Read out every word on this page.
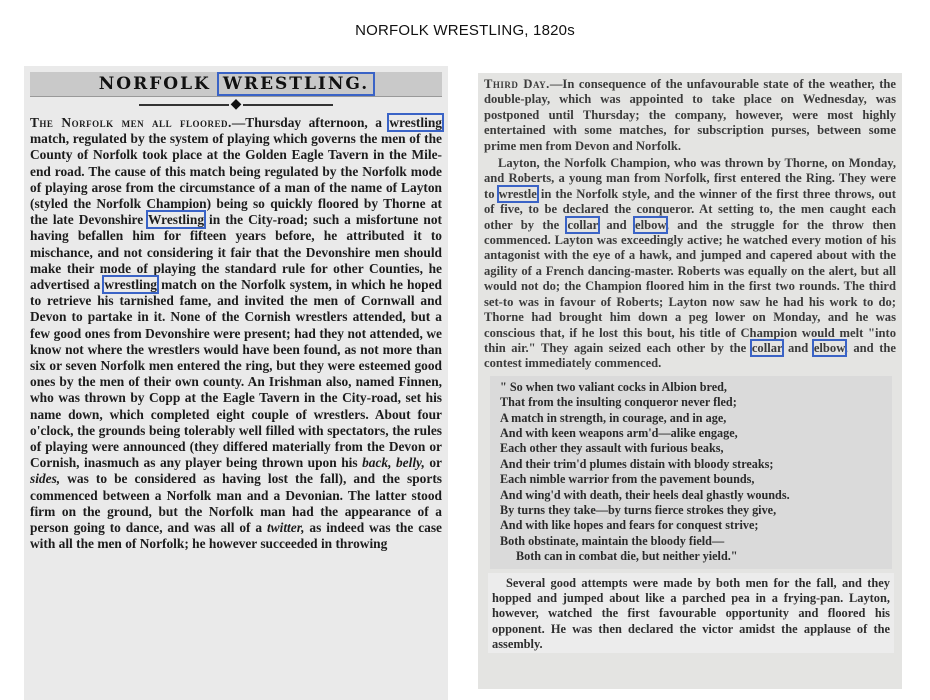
NORFOLK WRESTLING, 1820s
NORFOLK WRESTLING.
◆
The Norfolk men all floored.—Thursday afternoon, a wrestling match, regulated by the system of playing which governs the men of the County of Norfolk took place at the Golden Eagle Tavern in the Mile-end road. The cause of this match being regulated by the Norfolk mode of playing arose from the circumstance of a man of the name of Layton (styled the Norfolk Champion) being so quickly floored by Thorne at the late Devonshire Wrestling in the City-road; such a misfortune not having befallen him for fifteen years before, he attributed it to mischance, and not considering it fair that the Devonshire men should make their mode of playing the standard rule for other Counties, he advertised a wrestling match on the Norfolk system, in which he hoped to retrieve his tarnished fame, and invited the men of Cornwall and Devon to partake in it. None of the Cornish wrestlers attended, but a few good ones from Devonshire were present; had they not attended, we know not where the wrestlers would have been found, as not more than six or seven Norfolk men entered the ring, but they were esteemed good ones by the men of their own county. An Irishman also, named Finnen, who was thrown by Copp at the Eagle Tavern in the City-road, set his name down, which completed eight couple of wrestlers. About four o'clock, the grounds being tolerably well filled with spectators, the rules of playing were announced (they differed materially from the Devon or Cornish, inasmuch as any player being thrown upon his back, belly, or sides, was to be considered as having lost the fall), and the sports commenced between a Norfolk man and a Devonian. The latter stood firm on the ground, but the Norfolk man had the appearance of a person going to dance, and was all of a twitter, as indeed was the case with all the men of Norfolk; he however succeeded in throwing
Third Day.—In consequence of the unfavourable state of the weather, the double-play, which was appointed to take place on Wednesday, was postponed until Thursday; the company, however, were most highly entertained with some matches, for subscription purses, between some prime men from Devon and Norfolk.
Layton, the Norfolk Champion, who was thrown by Thorne, on Monday, and Roberts, a young man from Norfolk, first entered the Ring. They were to wrestle in the Norfolk style, and the winner of the first three throws, out of five, to be declared the conqueror. At setting to, the men caught each other by the collar and elbow, and the struggle for the throw then commenced. Layton was exceedingly active; he watched every motion of his antagonist with the eye of a hawk, and jumped and capered about with the agility of a French dancing-master. Roberts was equally on the alert, but all would not do; the Champion floored him in the first two rounds. The third set-to was in favour of Roberts; Layton now saw he had his work to do; Thorne had brought him down a peg lower on Monday, and he was conscious that, if he lost this bout, his title of Champion would melt "into thin air." They again seized each other by the collar and elbow, and the contest immediately commenced.
" So when two valiant cocks in Albion bred,
That from the insulting conqueror never fled;
A match in strength, in courage, and in age,
And with keen weapons arm'd—alike engage,
Each other they assault with furious beaks,
And their trim'd plumes distain with bloody streaks;
Each nimble warrior from the pavement bounds,
And wing'd with death, their heels deal ghastly wounds.
By turns they take—by turns fierce strokes they give,
And with like hopes and fears for conquest strive;
Both obstinate, maintain the bloody field—
Both can in combat die, but neither yield."
Several good attempts were made by both men for the fall, and they hopped and jumped about like a parched pea in a frying-pan. Layton, however, watched the first favourable opportunity and floored his opponent. He was then declared the victor amidst the applause of the assembly.
